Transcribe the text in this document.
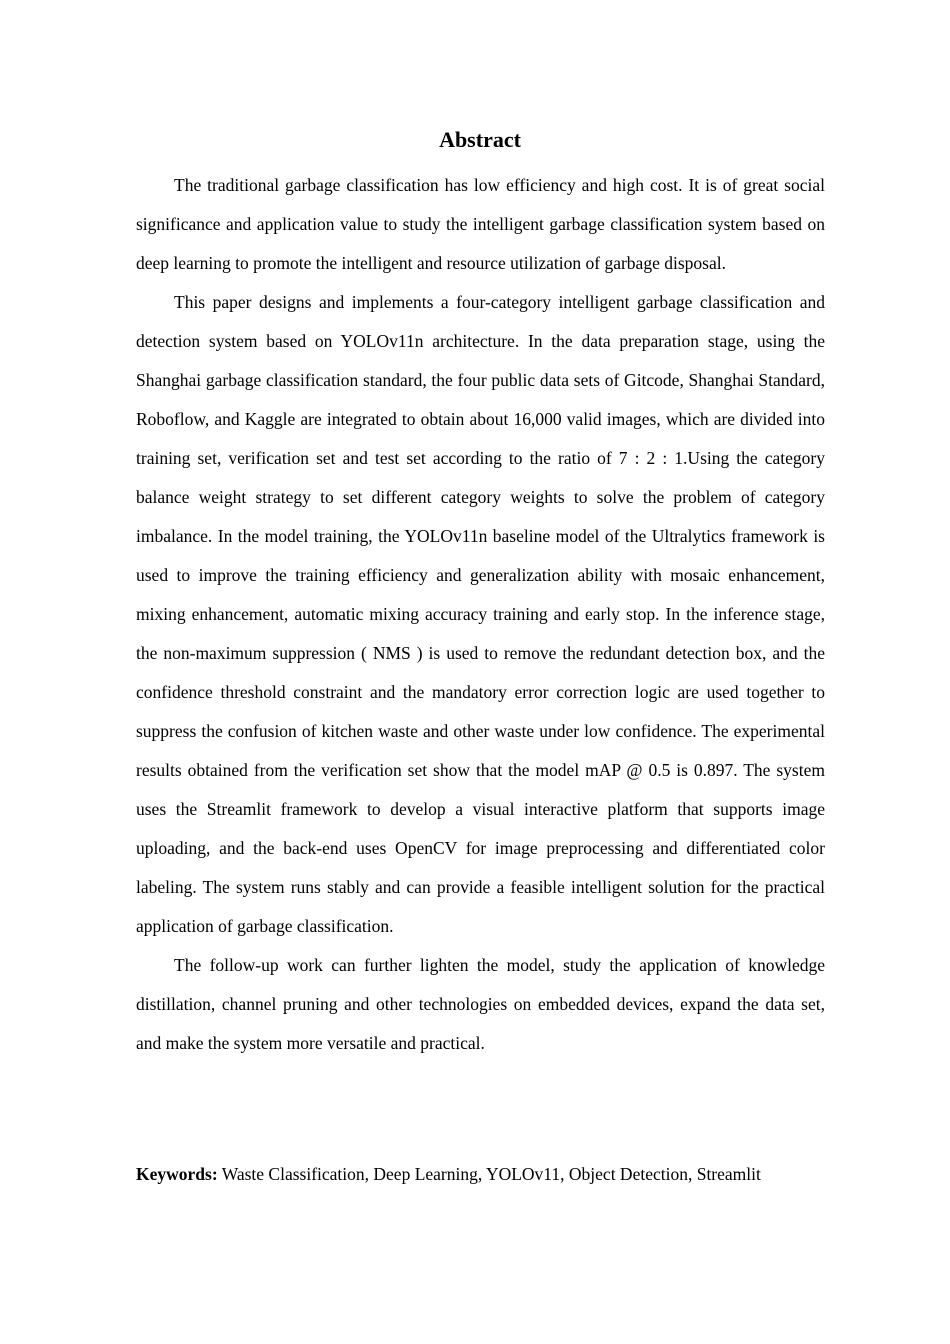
Abstract

The traditional garbage classification has low efficiency and high cost. It is of great social significance and application value to study the intelligent garbage classification system based on deep learning to promote the intelligent and resource utilization of garbage disposal.

This paper designs and implements a four-category intelligent garbage classification and detection system based on YOLOv11n architecture. In the data preparation stage, using the Shanghai garbage classification standard, the four public data sets of Gitcode, Shanghai Standard, Roboflow, and Kaggle are integrated to obtain about 16,000 valid images, which are divided into training set, verification set and test set according to the ratio of 7 : 2 : 1.Using the category balance weight strategy to set different category weights to solve the problem of category imbalance. In the model training, the YOLOv11n baseline model of the Ultralytics framework is used to improve the training efficiency and generalization ability with mosaic enhancement, mixing enhancement, automatic mixing accuracy training and early stop. In the inference stage, the non-maximum suppression ( NMS ) is used to remove the redundant detection box, and the confidence threshold constraint and the mandatory error correction logic are used together to suppress the confusion of kitchen waste and other waste under low confidence. The experimental results obtained from the verification set show that the model mAP @ 0.5 is 0.897. The system uses the Streamlit framework to develop a visual interactive platform that supports image uploading, and the back-end uses OpenCV for image preprocessing and differentiated color labeling. The system runs stably and can provide a feasible intelligent solution for the practical application of garbage classification.

The follow-up work can further lighten the model, study the application of knowledge distillation, channel pruning and other technologies on embedded devices, expand the data set, and make the system more versatile and practical.

Keywords: Waste Classification, Deep Learning, YOLOv11, Object Detection, Streamlit
